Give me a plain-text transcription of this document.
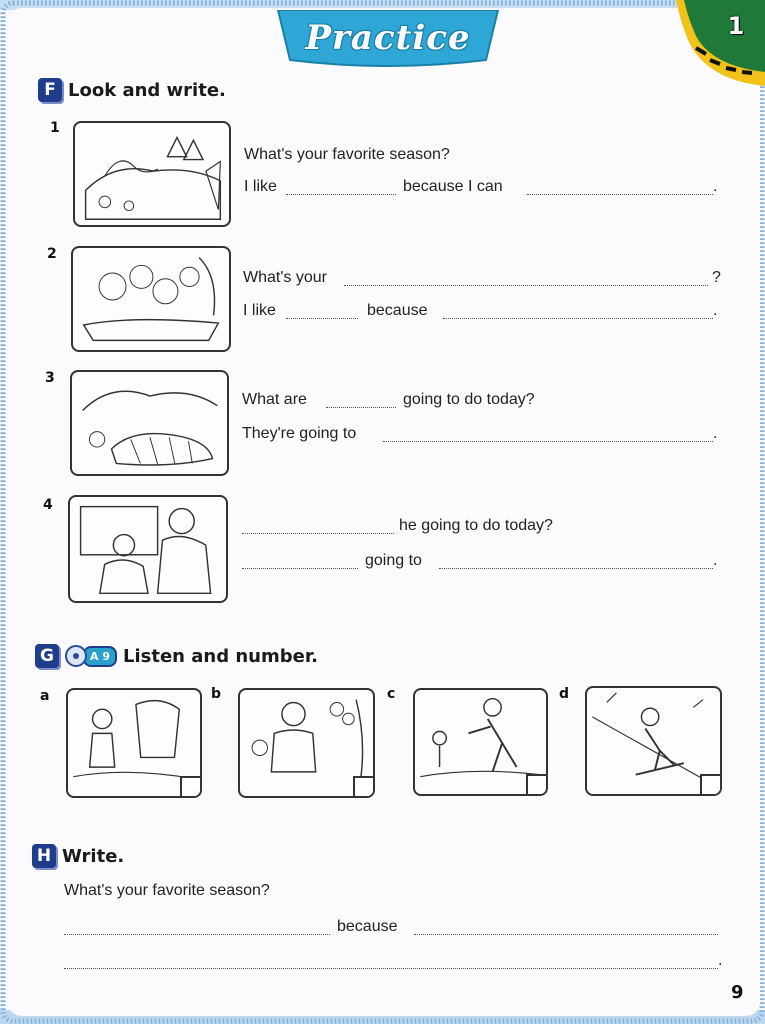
Practice	1
F Look and write.
1
What's your favorite season?
I like	because I can	.
2
What's your	?
I like	because	.
3
What are	going to do today?
They're going to	.
4
he going to do today?
going to	.
G	A 9 Listen and number.
a	b	c	d
H Write.
What's your favorite season?
because
.
9
